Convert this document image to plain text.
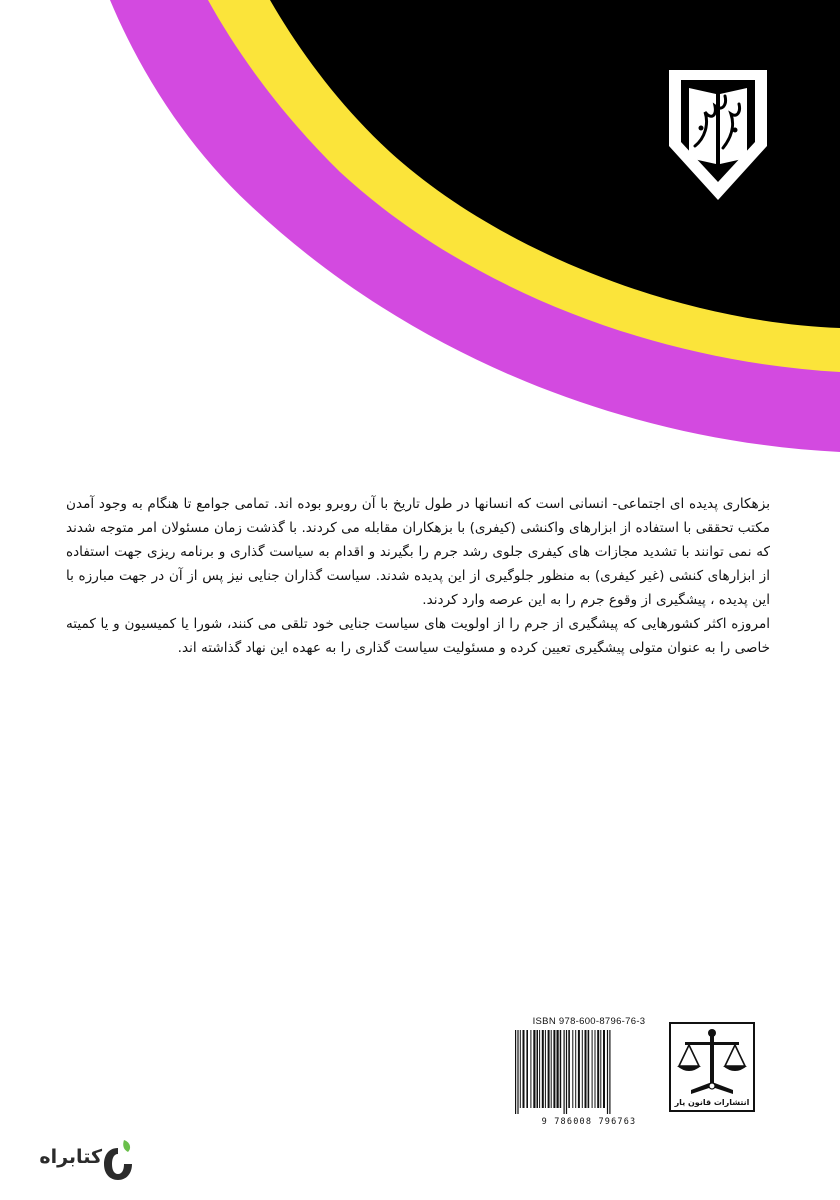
بزهکاری پدیده ای اجتماعی- انسانی است که انسانها در طول تاریخ با آن روبرو بوده اند. تمامی جوامع تا هنگام به وجود آمدن مکتب تحققی با استفاده از ابزارهای واکنشی (کیفری) با بزهکاران مقابله می کردند. با گذشت زمان مسئولان امر متوجه شدند که نمی توانند با تشدید مجازات های کیفری جلوی رشد جرم را بگیرند و اقدام به سیاست گذاری و برنامه ریزی جهت استفاده از ابزارهای کنشی (غیر کیفری) به منظور جلوگیری از این پدیده شدند. سیاست گذاران جنایی نیز پس از آن در جهت مبارزه با این پدیده ، پیشگیری از وقوع جرم را به این عرصه وارد کردند.

امروزه اکثر کشورهایی که پیشگیری از جرم را از اولویت های سیاست جنایی خود تلقی می کنند، شورا یا کمیسیون و یا کمیته خاصی را به عنوان متولی پیشگیری تعیین کرده و مسئولیت سیاست گذاری را به عهده این نهاد گذاشته اند.

ISBN 978-600-8796-76-3
9 786008 796763
انتشارات قانون یار
کتابراه
